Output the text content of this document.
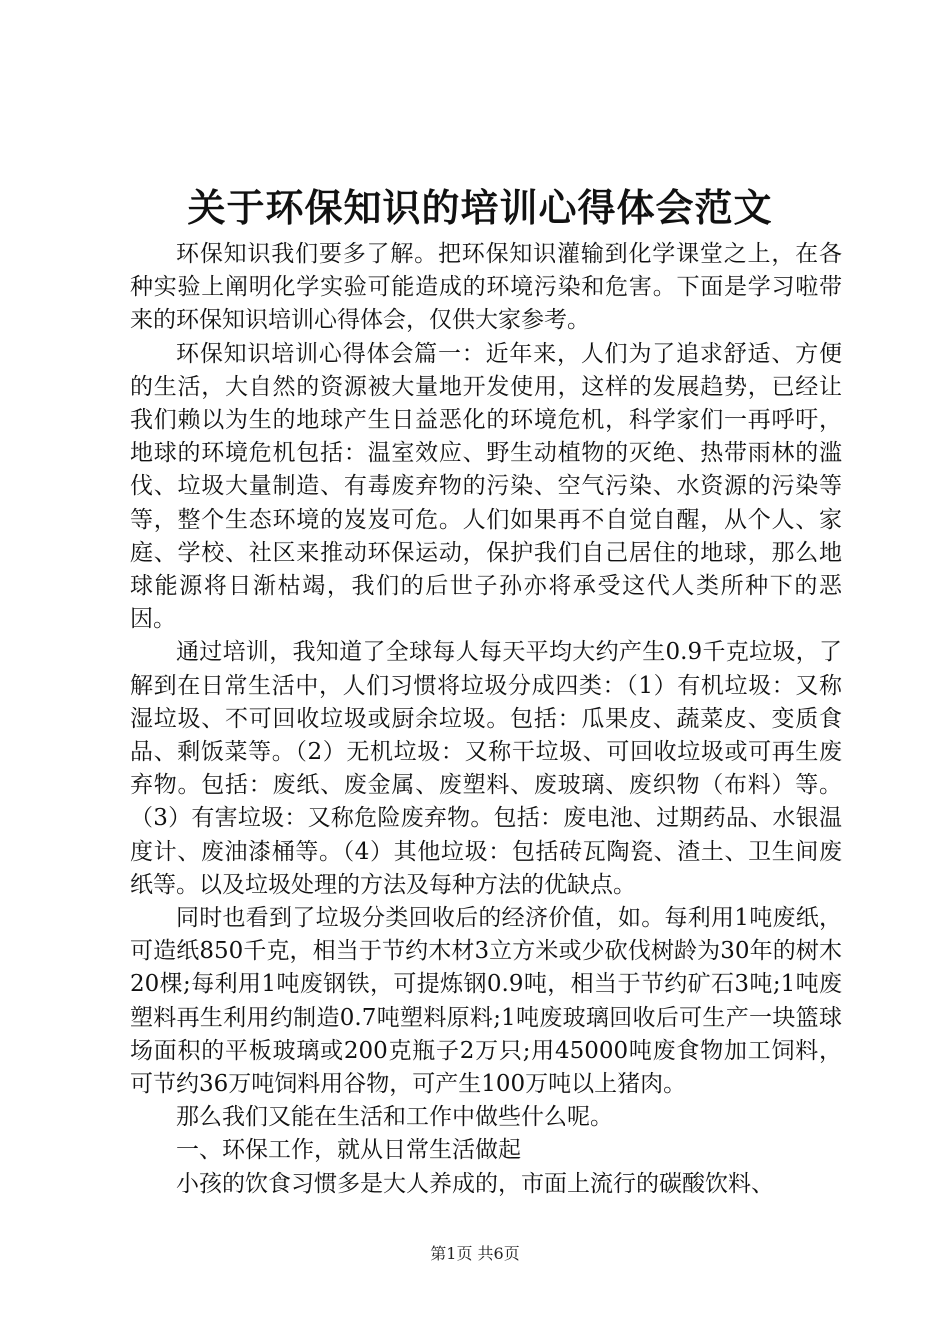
关于环保知识的培训心得体会范文

环保知识我们要多了解。把环保知识灌输到化学课堂之上，在各种实验上阐明化学实验可能造成的环境污染和危害。下面是学习啦带来的环保知识培训心得体会，仅供大家参考。

环保知识培训心得体会篇一：近年来，人们为了追求舒适、方便的生活，大自然的资源被大量地开发使用，这样的发展趋势，已经让我们赖以为生的地球产生日益恶化的环境危机，科学家们一再呼吁，地球的环境危机包括：温室效应、野生动植物的灭绝、热带雨林的滥伐、垃圾大量制造、有毒废弃物的污染、空气污染、水资源的污染等等，整个生态环境的岌岌可危。人们如果再不自觉自醒，从个人、家庭、学校、社区来推动环保运动，保护我们自己居住的地球，那么地球能源将日渐枯竭，我们的后世子孙亦将承受这代人类所种下的恶因。

通过培训，我知道了全球每人每天平均大约产生0.9千克垃圾，了解到在日常生活中，人们习惯将垃圾分成四类：（1）有机垃圾：又称湿垃圾、不可回收垃圾或厨余垃圾。包括：瓜果皮、蔬菜皮、变质食品、剩饭菜等。（2）无机垃圾：又称干垃圾、可回收垃圾或可再生废弃物。包括：废纸、废金属、废塑料、废玻璃、废织物（布料）等。（3）有害垃圾：又称危险废弃物。包括：废电池、过期药品、水银温度计、废油漆桶等。（4）其他垃圾：包括砖瓦陶瓷、渣土、卫生间废纸等。以及垃圾处理的方法及每种方法的优缺点。

同时也看到了垃圾分类回收后的经济价值，如。每利用1吨废纸，可造纸850千克，相当于节约木材3立方米或少砍伐树龄为30年的树木20棵;每利用1吨废钢铁，可提炼钢0.9吨，相当于节约矿石3吨;1吨废塑料再生利用约制造0.7吨塑料原料;1吨废玻璃回收后可生产一块篮球场面积的平板玻璃或200克瓶子2万只;用45000吨废食物加工饲料，可节约36万吨饲料用谷物，可产生100万吨以上猪肉。

那么我们又能在生活和工作中做些什么呢。

一、环保工作，就从日常生活做起

小孩的饮食习惯多是大人养成的，市面上流行的碳酸饮料、

第1页 共6页
